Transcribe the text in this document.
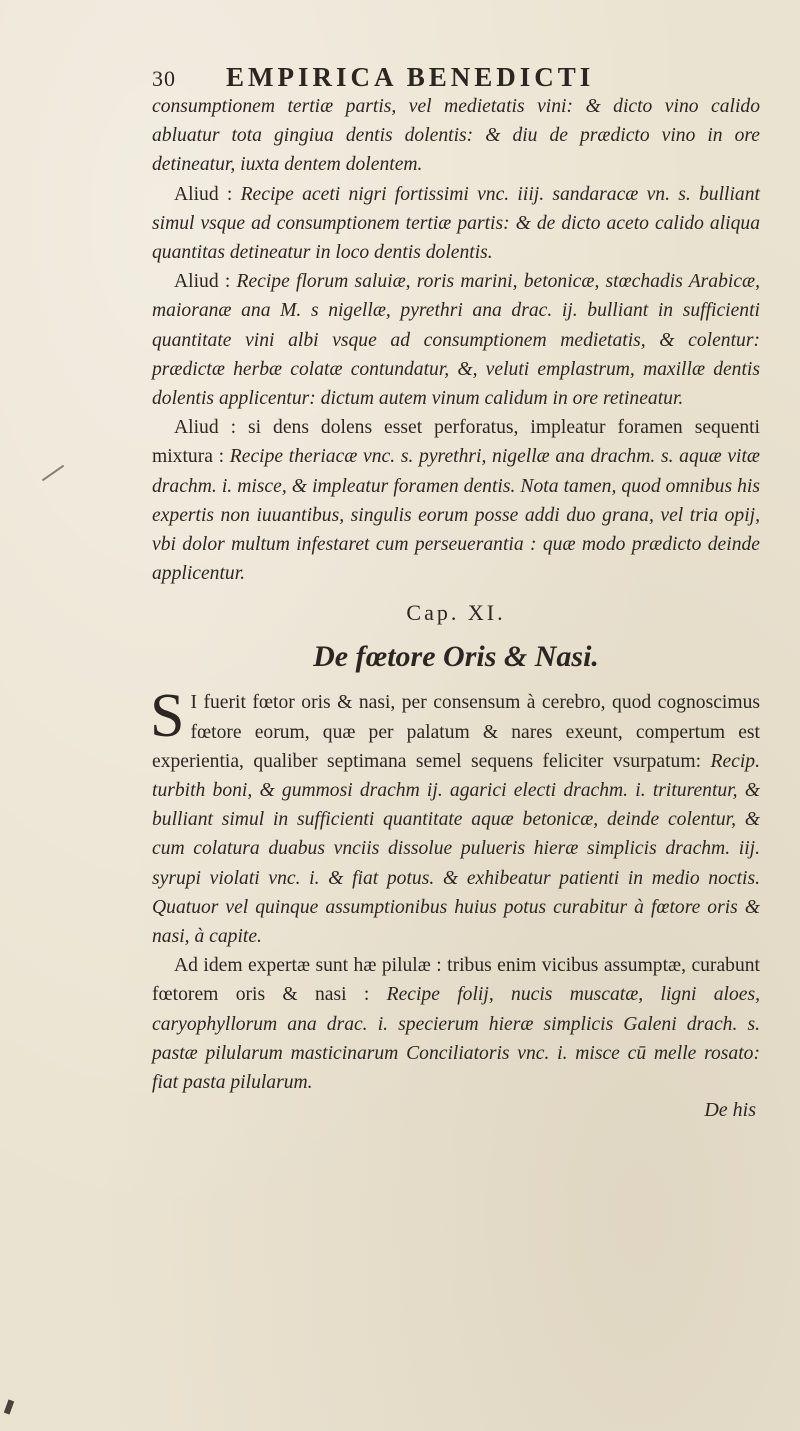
30	EMPIRICA BENEDICTI

consumptionem tertiæ partis, vel medietatis vini: & dicto vino calido abluatur tota gingiua dentis dolentis: & diu de prædicto vino in ore detineatur, iuxta dentem dolentem.

Aliud : Recipe aceti nigri fortissimi vnc. iiij. sandaracæ vn. s. bulliant simul vsque ad consumptionem tertiæ partis: & de dicto aceto calido aliqua quantitas detineatur in loco dentis dolentis.

Aliud : Recipe florum saluiæ, roris marini, betonicæ, stœchadis Arabicæ, maioranæ ana M. s nigellæ, pyrethri ana drac. ij. bulliant in sufficienti quantitate vini albi vsque ad consumptionem medietatis, & colentur: prædictæ herbæ colatæ contundatur, &, veluti emplastrum, maxillæ dentis dolentis applicentur: dictum autem vinum calidum in ore retineatur.

Aliud : si dens dolens esset perforatus, impleatur foramen sequenti mixtura : Recipe theriacæ vnc. s. pyrethri, nigellæ ana drachm. s. aquæ vitæ drachm. i. misce, & impleatur foramen dentis. Nota tamen, quod omnibus his expertis non iuuantibus, singulis eorum posse addi duo grana, vel tria opij, vbi dolor multum infestaret cum perseuerantia : quæ modo prædicto deinde applicentur.

Cap. XI.
De fœtore Oris & Nasi.

S I fuerit fœtor oris & nasi, per consensum à cerebro, quod cognoscimus fœtore eorum, quæ per palatum & nares exeunt, compertum est experientia, qualiber septimana semel sequens feliciter vsurpatum: Recip. turbith boni, & gummosi drachm ij. agarici electi drachm. i. triturentur, & bulliant simul in sufficienti quantitate aquæ betonicæ, deinde colentur, & cum colatura duabus vnciis dissolue pulueris hieræ simplicis drachm. iij. syrupi violati vnc. i. & fiat potus. & exhibeatur patienti in medio noctis. Quatuor vel quinque assumptionibus huius potus curabitur à fœtore oris & nasi, à capite.

Ad idem expertæ sunt hæ pilulæ : tribus enim vicibus assumptæ, curabunt fœtorem oris & nasi : Recipe folij, nucis muscatæ, ligni aloes, caryophyllorum ana drac. i. specierum hieræ simplicis Galeni drach. s. pastæ pilularum masticinarum Conciliatoris vnc. i. misce cū melle rosato: fiat pasta pilularum.

De his
